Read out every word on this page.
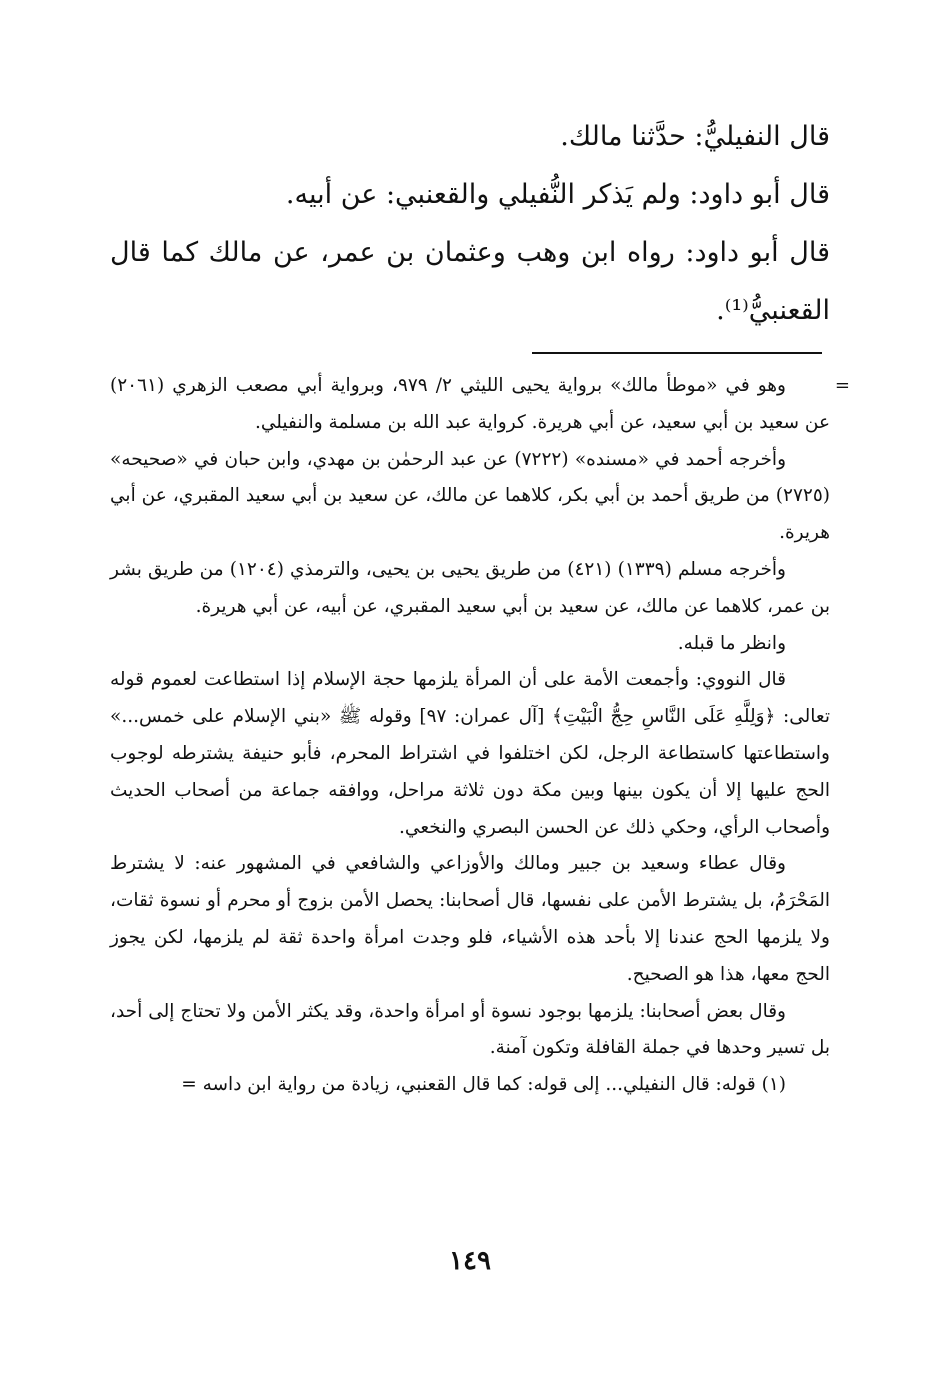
قال النفيليُّ: حدَّثنا مالك.

قال أبو داود: ولم يَذكر النُّفيلي والقعنبي: عن أبيه.

قال أبو داود: رواه ابن وهب وعثمان بن عمر، عن مالك كما قال القعنبيُّ⁽¹⁾.

=

وهو في «موطأ مالك» برواية يحيى الليثي ٢/ ٩٧٩، وبرواية أبي مصعب الزهري (٢٠٦١) عن سعيد بن أبي سعيد، عن أبي هريرة. كرواية عبد الله بن مسلمة والنفيلي.

وأخرجه أحمد في «مسنده» (٧٢٢٢) عن عبد الرحمٰن بن مهدي، وابن حبان في «صحيحه» (٢٧٢٥) من طريق أحمد بن أبي بكر، كلاهما عن مالك، عن سعيد بن أبي سعيد المقبري، عن أبي هريرة.

وأخرجه مسلم (١٣٣٩) (٤٢١) من طريق يحيى بن يحيى، والترمذي (١٢٠٤) من طريق بشر بن عمر، كلاهما عن مالك، عن سعيد بن أبي سعيد المقبري، عن أبيه، عن أبي هريرة.

وانظر ما قبله.

قال النووي: وأجمعت الأمة على أن المرأة يلزمها حجة الإسلام إذا استطاعت لعموم قوله تعالى: ﴿وَلِلَّهِ عَلَى النَّاسِ حِجُّ الْبَيْتِ﴾ [آل عمران: ٩٧] وقوله ﷺ «بني الإسلام على خمس...» واستطاعتها كاستطاعة الرجل، لكن اختلفوا في اشتراط المحرم، فأبو حنيفة يشترطه لوجوب الحج عليها إلا أن يكون بينها وبين مكة دون ثلاثة مراحل، ووافقه جماعة من أصحاب الحديث وأصحاب الرأي، وحكي ذلك عن الحسن البصري والنخعي.

وقال عطاء وسعيد بن جبير ومالك والأوزاعي والشافعي في المشهور عنه: لا يشترط المَحْرَمُ، بل يشترط الأمن على نفسها، قال أصحابنا: يحصل الأمن بزوج أو محرم أو نسوة ثقات، ولا يلزمها الحج عندنا إلا بأحد هذه الأشياء، فلو وجدت امرأة واحدة ثقة لم يلزمها، لكن يجوز الحج معها، هذا هو الصحيح.

وقال بعض أصحابنا: يلزمها بوجود نسوة أو امرأة واحدة، وقد يكثر الأمن ولا تحتاج إلى أحد، بل تسير وحدها في جملة القافلة وتكون آمنة.

(١) قوله: قال النفيلي... إلى قوله: كما قال القعنبي، زيادة من رواية ابن داسه =

١٤٩
